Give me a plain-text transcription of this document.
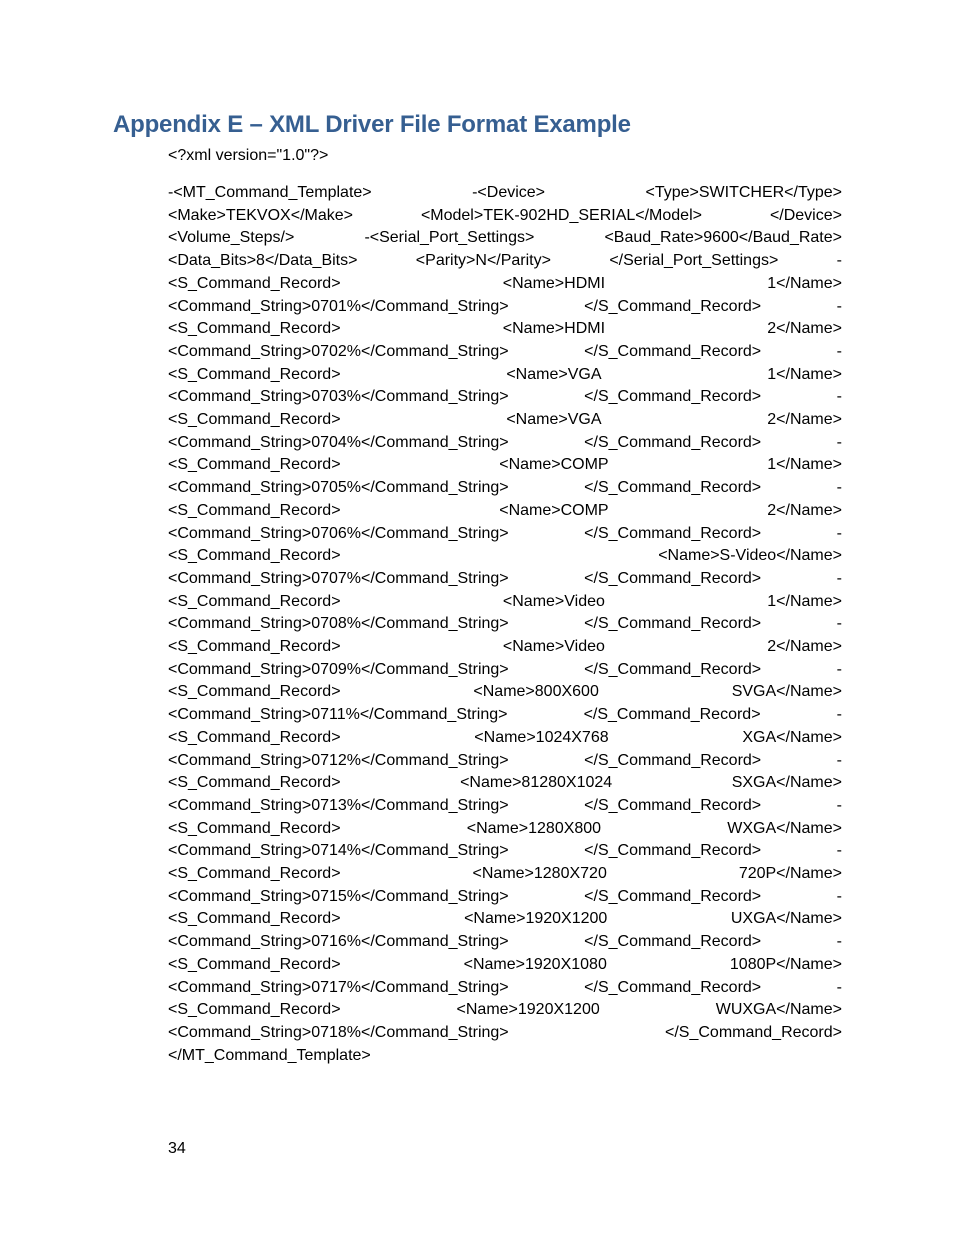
Appendix E – XML Driver File Format Example
<?xml version="1.0"?>
-<MT_Command_Template>	-<Device>	<Type>SWITCHER</Type>
<Make>TEKVOX</Make>	<Model>TEK-902HD_SERIAL</Model>	</Device>
<Volume_Steps/>	-<Serial_Port_Settings>	<Baud_Rate>9600</Baud_Rate>
<Data_Bits>8</Data_Bits>	<Parity>N</Parity>	</Serial_Port_Settings>	-
<S_Command_Record>	<Name>HDMI	1</Name>
<Command_String>0701%</Command_String>	</S_Command_Record>	-
<S_Command_Record>	<Name>HDMI	2</Name>
<Command_String>0702%</Command_String>	</S_Command_Record>	-
<S_Command_Record>	<Name>VGA	1</Name>
<Command_String>0703%</Command_String>	</S_Command_Record>	-
<S_Command_Record>	<Name>VGA	2</Name>
<Command_String>0704%</Command_String>	</S_Command_Record>	-
<S_Command_Record>	<Name>COMP	1</Name>
<Command_String>0705%</Command_String>	</S_Command_Record>	-
<S_Command_Record>	<Name>COMP	2</Name>
<Command_String>0706%</Command_String>	</S_Command_Record>	-
<S_Command_Record>	<Name>S-Video</Name>
<Command_String>0707%</Command_String>	</S_Command_Record>	-
<S_Command_Record>	<Name>Video	1</Name>
<Command_String>0708%</Command_String>	</S_Command_Record>	-
<S_Command_Record>	<Name>Video	2</Name>
<Command_String>0709%</Command_String>	</S_Command_Record>	-
<S_Command_Record>	<Name>800X600	SVGA</Name>
<Command_String>0711%</Command_String>	</S_Command_Record>	-
<S_Command_Record>	<Name>1024X768	XGA</Name>
<Command_String>0712%</Command_String>	</S_Command_Record>	-
<S_Command_Record>	<Name>81280X1024	SXGA</Name>
<Command_String>0713%</Command_String>	</S_Command_Record>	-
<S_Command_Record>	<Name>1280X800	WXGA</Name>
<Command_String>0714%</Command_String>	</S_Command_Record>	-
<S_Command_Record>	<Name>1280X720	720P</Name>
<Command_String>0715%</Command_String>	</S_Command_Record>	-
<S_Command_Record>	<Name>1920X1200	UXGA</Name>
<Command_String>0716%</Command_String>	</S_Command_Record>	-
<S_Command_Record>	<Name>1920X1080	1080P</Name>
<Command_String>0717%</Command_String>	</S_Command_Record>	-
<S_Command_Record>	<Name>1920X1200	WUXGA</Name>
<Command_String>0718%</Command_String>	</S_Command_Record>
</MT_Command_Template>
34
